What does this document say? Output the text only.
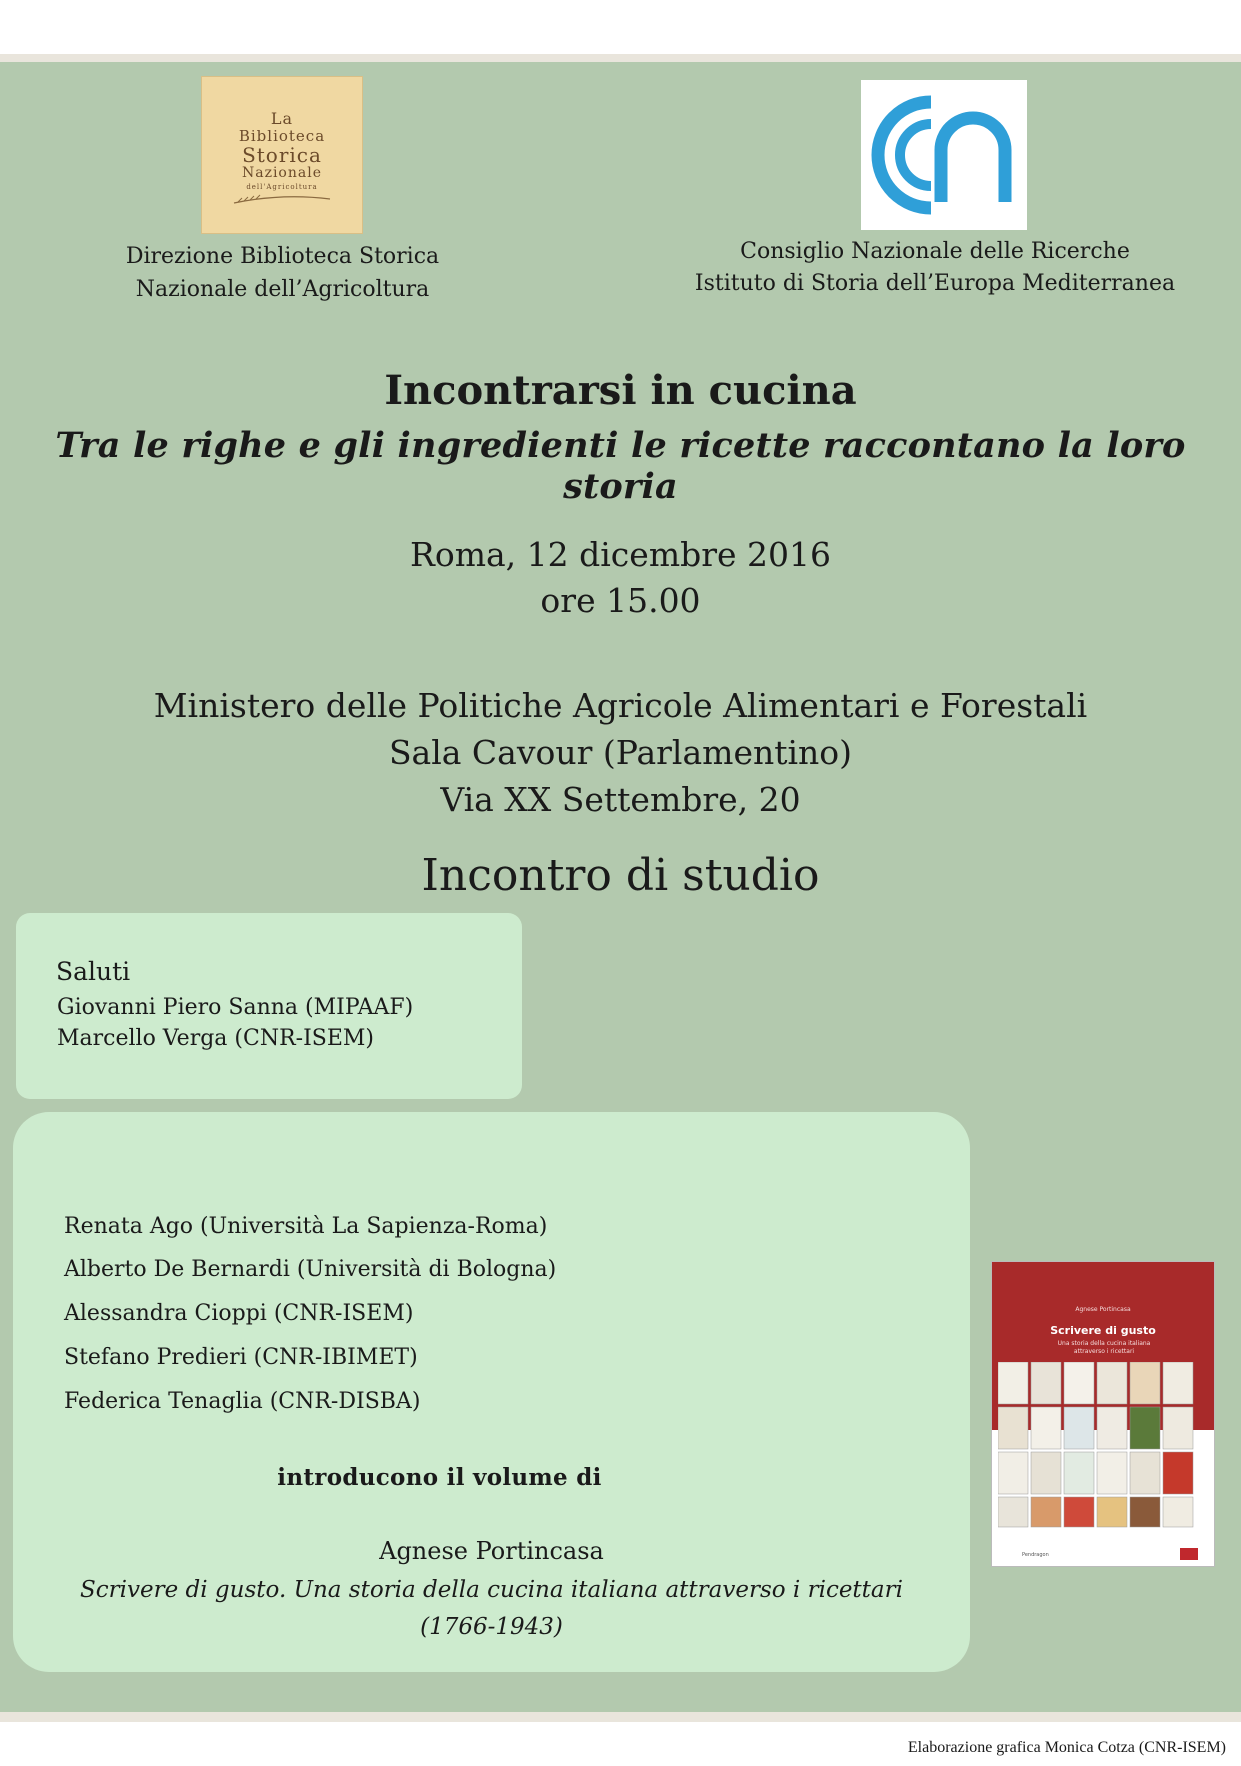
La
Biblioteca
Storica
Nazionale
dell'Agricoltura
Direzione Biblioteca Storica
Nazionale dell’Agricoltura
Consiglio Nazionale delle Ricerche
Istituto di Storia dell’Europa Mediterranea
Incontrarsi in cucina
Tra le righe e gli ingredienti le ricette raccontano la loro storia
Roma, 12 dicembre 2016
ore 15.00
Ministero delle Politiche Agricole Alimentari e Forestali
Sala Cavour (Parlamentino)
Via XX Settembre, 20
Incontro di studio
Saluti
Giovanni Piero Sanna (MIPAAF)
Marcello Verga (CNR-ISEM)
Renata Ago (Università La Sapienza-Roma)
Alberto De Bernardi (Università di Bologna)
Alessandra Cioppi (CNR-ISEM)
Stefano Predieri (CNR-IBIMET)
Federica Tenaglia (CNR-DISBA)
introducono il volume di
Agnese Portincasa
Scrivere di gusto. Una storia della cucina italiana attraverso i ricettari
(1766-1943)
Agnese Portincasa
Scrivere di gusto
Una storia della cucina italiana
attraverso i ricettari
Pendragon
Elaborazione grafica Monica Cotza (CNR-ISEM)
